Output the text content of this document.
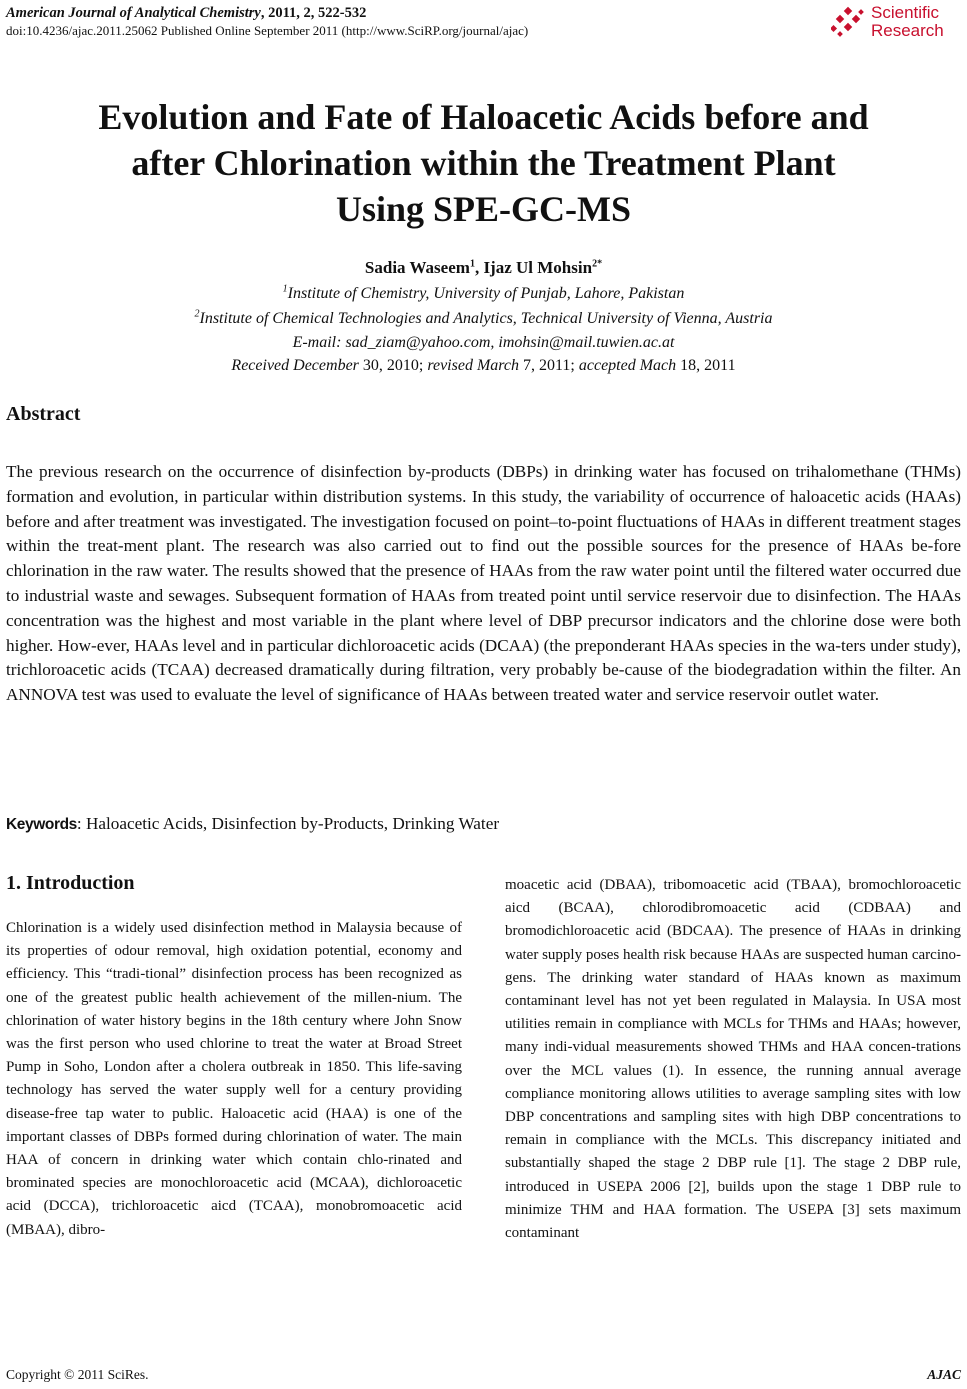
American Journal of Analytical Chemistry, 2011, 2, 522-532

doi:10.4236/ajac.2011.25062 Published Online September 2011 (http://www.SciRP.org/journal/ajac)

Scientific
Research
Evolution and Fate of Haloacetic Acids before and
after Chlorination within the Treatment Plant
Using SPE-GC-MS
Sadia Waseem$^1$, Ijaz Ul Mohsin$^{2*}$
$^1$Institute of Chemistry, University of Punjab, Lahore, Pakistan
$^2$Institute of Chemical Technologies and Analytics, Technical University of Vienna, Austria
E-mail: sad_ziam@yahoo.com, imohsin@mail.tuwien.ac.at
Received December 30, 2010; revised March 7, 2011; accepted Mach 18, 2011
Abstract

The previous research on the occurrence of disinfection by-products (DBPs) in drinking water has focused on trihalomethane (THMs) formation and evolution, in particular within distribution systems. In this study, the variability of occurrence of haloacetic acids (HAAs) before and after treatment was investigated. The investigation focused on point–to-point fluctuations of HAAs in different treatment stages within the treat-ment plant. The research was also carried out to find out the possible sources for the presence of HAAs be-fore chlorination in the raw water. The results showed that the presence of HAAs from the raw water point until the filtered water occurred due to industrial waste and sewages. Subsequent formation of HAAs from treated point until service reservoir due to disinfection. The HAAs concentration was the highest and most variable in the plant where level of DBP precursor indicators and the chlorine dose were both higher. How-ever, HAAs level and in particular dichloroacetic acids (DCAA) (the preponderant HAAs species in the wa-ters under study), trichloroacetic acids (TCAA) decreased dramatically during filtration, very probably be-cause of the biodegradation within the filter. An ANNOVA test was used to evaluate the level of significance of HAAs between treated water and service reservoir outlet water.

Keywords: Haloacetic Acids, Disinfection by-Products, Drinking Water
1. Introduction

Chlorination is a widely used disinfection method in Malaysia because of its properties of odour removal, high oxidation potential, economy and efficiency. This “tradi-tional” disinfection process has been recognized as one of the greatest public health achievement of the millen-nium. The chlorination of water history begins in the 18th century where John Snow was the first person who used chlorine to treat the water at Broad Street Pump in Soho, London after a cholera outbreak in 1850. This life-saving technology has served the water supply well for a century providing disease-free tap water to public. Haloacetic acid (HAA) is one of the important classes of DBPs formed during chlorination of water. The main HAA of concern in drinking water which contain chlo-rinated and brominated species are monochloroacetic acid (MCAA), dichloroacetic acid (DCCA), trichloroacetic aicd (TCAA), monobromoacetic acid (MBAA), dibro-

moacetic acid (DBAA), tribomoacetic acid (TBAA), bromochloroacetic aicd (BCAA), chlorodibromoacetic acid (CDBAA) and bromodichloroacetic acid (BDCAA). The presence of HAAs in drinking water supply poses health risk because HAAs are suspected human carcino-gens. The drinking water standard of HAAs known as maximum contaminant level has not yet been regulated in Malaysia. In USA most utilities remain in compliance with MCLs for THMs and HAAs; however, many indi-vidual measurements showed THMs and HAA concen-trations over the MCL values (1). In essence, the running annual average compliance monitoring allows utilities to average sampling sites with low DBP concentrations and sampling sites with high DBP concentrations to remain in compliance with the MCLs. This discrepancy initiated and substantially shaped the stage 2 DBP rule [1]. The stage 2 DBP rule, introduced in USEPA 2006 [2], builds upon the stage 1 DBP rule to minimize THM and HAA formation. The USEPA [3] sets maximum contaminant

Copyright © 2011 SciRes.	AJAC
